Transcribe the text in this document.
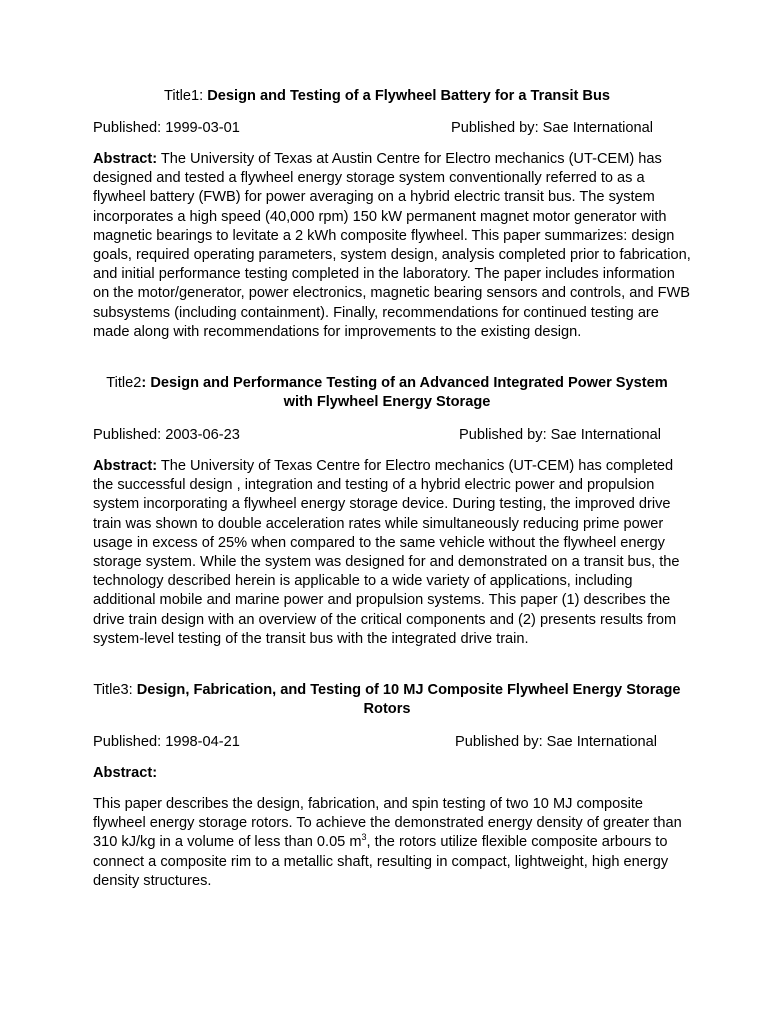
Title1: Design and Testing of a Flywheel Battery for a Transit Bus
Published: 1999-03-01	Published by: Sae International
Abstract: The University of Texas at Austin Centre for Electro mechanics (UT-CEM) has designed and tested a flywheel energy storage system conventionally referred to as a flywheel battery (FWB) for power averaging on a hybrid electric transit bus. The system incorporates a high speed (40,000 rpm) 150 kW permanent magnet motor generator with magnetic bearings to levitate a 2 kWh composite flywheel. This paper summarizes: design goals, required operating parameters, system design, analysis completed prior to fabrication, and initial performance testing completed in the laboratory. The paper includes information on the motor/generator, power electronics, magnetic bearing sensors and controls, and FWB subsystems (including containment). Finally, recommendations for continued testing are made along with recommendations for improvements to the existing design.
Title2: Design and Performance Testing of an Advanced Integrated Power System with Flywheel Energy Storage
Published: 2003-06-23	Published by: Sae International
Abstract: The University of Texas Centre for Electro mechanics (UT-CEM) has completed the successful design , integration and testing of a hybrid electric power and propulsion system incorporating a flywheel energy storage device. During testing, the improved drive train was shown to double acceleration rates while simultaneously reducing prime power usage in excess of 25% when compared to the same vehicle without the flywheel energy storage system. While the system was designed for and demonstrated on a transit bus, the technology described herein is applicable to a wide variety of applications, including additional mobile and marine power and propulsion systems. This paper (1) describes the drive train design with an overview of the critical components and (2) presents results from system-level testing of the transit bus with the integrated drive train.
Title3: Design, Fabrication, and Testing of 10 MJ Composite Flywheel Energy Storage Rotors
Published: 1998-04-21	Published by: Sae International
Abstract:
This paper describes the design, fabrication, and spin testing of two 10 MJ composite flywheel energy storage rotors. To achieve the demonstrated energy density of greater than 310 kJ/kg in a volume of less than 0.05 $m^3$, the rotors utilize flexible composite arbours to connect a composite rim to a metallic shaft, resulting in compact, lightweight, high energy density structures.
